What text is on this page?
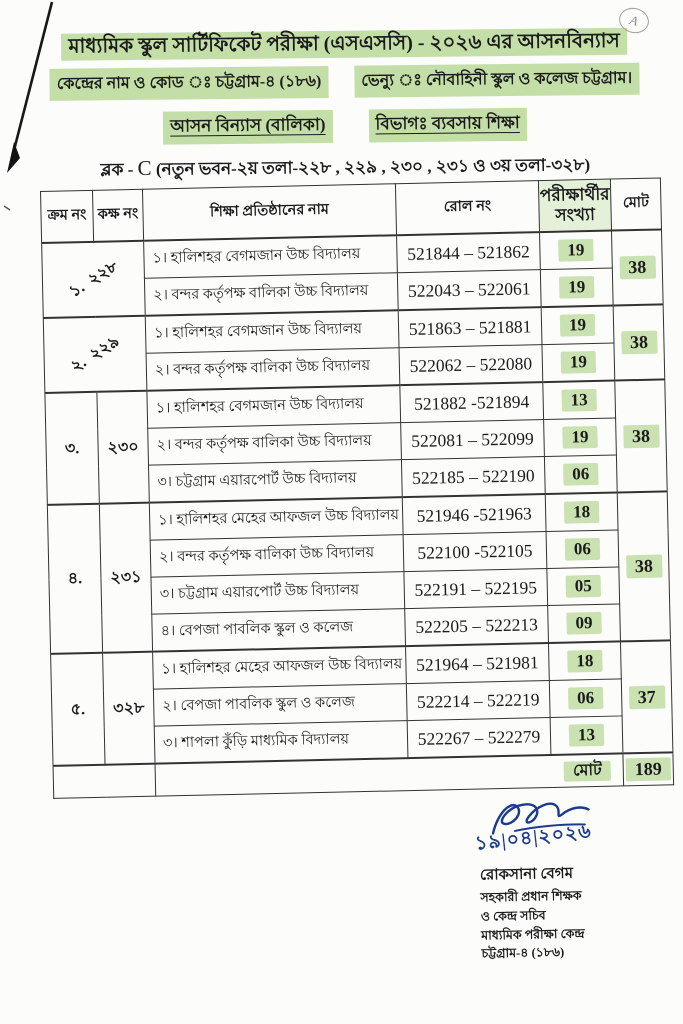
A
মাধ্যমিক স্কুল সার্টিফিকেট পরীক্ষা (এসএসসি) - ২০২৬ এর আসনবিন্যাস
কেন্দ্রের নাম ও কোড ঃ চট্টগ্রাম-৪ (১৮৬)	ভেন্যু ঃ নৌবাহিনী স্কুল ও কলেজ চট্টগ্রাম।
আসন বিন্যাস (বালিকা)	বিভাগঃ ব্যবসায় শিক্ষা
ব্লক - C (নতুন ভবন-২য় তলা-২২৮ , ২২৯ , ২৩০ , ২৩১ ও ৩য় তলা-৩২৮)
ক্রম নং	কক্ষ নং	শিক্ষা প্রতিষ্ঠানের নাম	রোল নং	পরীক্ষার্থীর সংখ্যা	মোট
১.  ২২৮		১। হালিশহর বেগমজান উচ্চ বিদ্যালয়	521844 – 521862	19	38
		২। বন্দর কর্তৃপক্ষ বালিকা উচ্চ বিদ্যালয়	522043 – 522061	19	
২.  ২২৯		১। হালিশহর বেগমজান উচ্চ বিদ্যালয়	521863 – 521881	19	38
		২। বন্দর কর্তৃপক্ষ বালিকা উচ্চ বিদ্যালয়	522062 – 522080	19	
৩.	২৩০	১। হালিশহর বেগমজান উচ্চ বিদ্যালয়	521882 -521894	13	38
		২। বন্দর কর্তৃপক্ষ বালিকা উচ্চ বিদ্যালয়	522081 – 522099	19	
		৩। চট্টগ্রাম এয়ারপোর্ট উচ্চ বিদ্যালয়	522185 – 522190	06	
৪.	২৩১	১। হালিশহর মেহের আফজল উচ্চ বিদ্যালয়	521946 -521963	18	38
		২। বন্দর কর্তৃপক্ষ বালিকা উচ্চ বিদ্যালয়	522100 -522105	06	
		৩। চট্টগ্রাম এয়ারপোর্ট উচ্চ বিদ্যালয়	522191 – 522195	05	
		৪। বেপজা পাবলিক স্কুল ও কলেজ	522205 – 522213	09	
৫.	৩২৮	১। হালিশহর মেহের আফজল উচ্চ বিদ্যালয়	521964 – 521981	18	37
		২। বেপজা পাবলিক স্কুল ও কলেজ	522214 – 522219	06	
		৩। শাপলা কুঁড়ি মাধ্যমিক বিদ্যালয়	522267 – 522279	13	
		মোট			189
১৯|০৪|২০২৬
রোকসানা বেগম
সহকারী প্রধান শিক্ষক
ও কেন্দ্র সচিব
মাধ্যমিক পরীক্ষা কেন্দ্র
চট্টগ্রাম-৪ (১৮৬)
